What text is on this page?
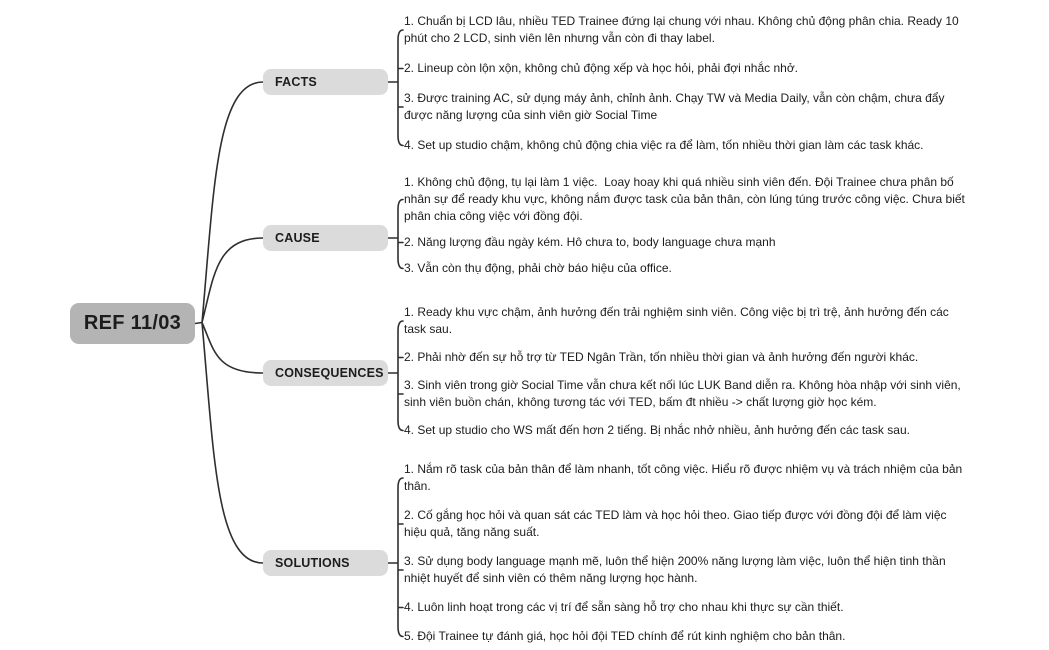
REF 11/03
FACTS
1. Chuẩn bị LCD lâu, nhiều TED Trainee đứng lại chung với nhau. Không chủ động phân chia. Ready 10 phút cho 2 LCD, sinh viên lên nhưng vẫn còn đi thay label.
2. Lineup còn lộn xộn, không chủ động xếp và học hỏi, phải đợi nhắc nhở.
3. Được training AC, sử dụng máy ảnh, chỉnh ảnh. Chạy TW và Media Daily, vẫn còn chậm, chưa đẩy được năng lượng của sinh viên giờ Social Time
4. Set up studio chậm, không chủ động chia việc ra để làm, tốn nhiều thời gian làm các task khác.
CAUSE
1. Không chủ động, tụ lại làm 1 việc.  Loay hoay khi quá nhiều sinh viên đến. Đội Trainee chưa phân bố nhân sự để ready khu vực, không nắm được task của bản thân, còn lúng túng trước công việc. Chưa biết phân chia công việc với đồng đội.
2. Năng lượng đầu ngày kém. Hô chưa to, body language chưa mạnh
3. Vẫn còn thụ động, phải chờ báo hiệu của office.
CONSEQUENCES
1. Ready khu vực chậm, ảnh hưởng đến trải nghiệm sinh viên. Công việc bị trì trệ, ảnh hưởng đến các task sau.
2. Phải nhờ đến sự hỗ trợ từ TED Ngân Trần, tốn nhiều thời gian và ảnh hưởng đến người khác.
3. Sinh viên trong giờ Social Time vẫn chưa kết nối lúc LUK Band diễn ra. Không hòa nhập với sinh viên, sinh viên buồn chán, không tương tác với TED, bấm đt nhiều -> chất lượng giờ học kém.
4. Set up studio cho WS mất đến hơn 2 tiếng. Bị nhắc nhở nhiều, ảnh hưởng đến các task sau.
SOLUTIONS
1. Nắm rõ task của bản thân để làm nhanh, tốt công việc. Hiểu rõ được nhiệm vụ và trách nhiệm của bản thân.
2. Cố gắng học hỏi và quan sát các TED làm và học hỏi theo. Giao tiếp được với đồng đội để làm việc hiệu quả, tăng năng suất.
3. Sử dụng body language mạnh mẽ, luôn thể hiện 200% năng lượng làm việc, luôn thể hiện tinh thần nhiệt huyết để sinh viên có thêm năng lượng học hành.
4. Luôn linh hoạt trong các vị trí để sẵn sàng hỗ trợ cho nhau khi thực sự cần thiết.
5. Đội Trainee tự đánh giá, học hỏi đội TED chính để rút kinh nghiệm cho bản thân.
